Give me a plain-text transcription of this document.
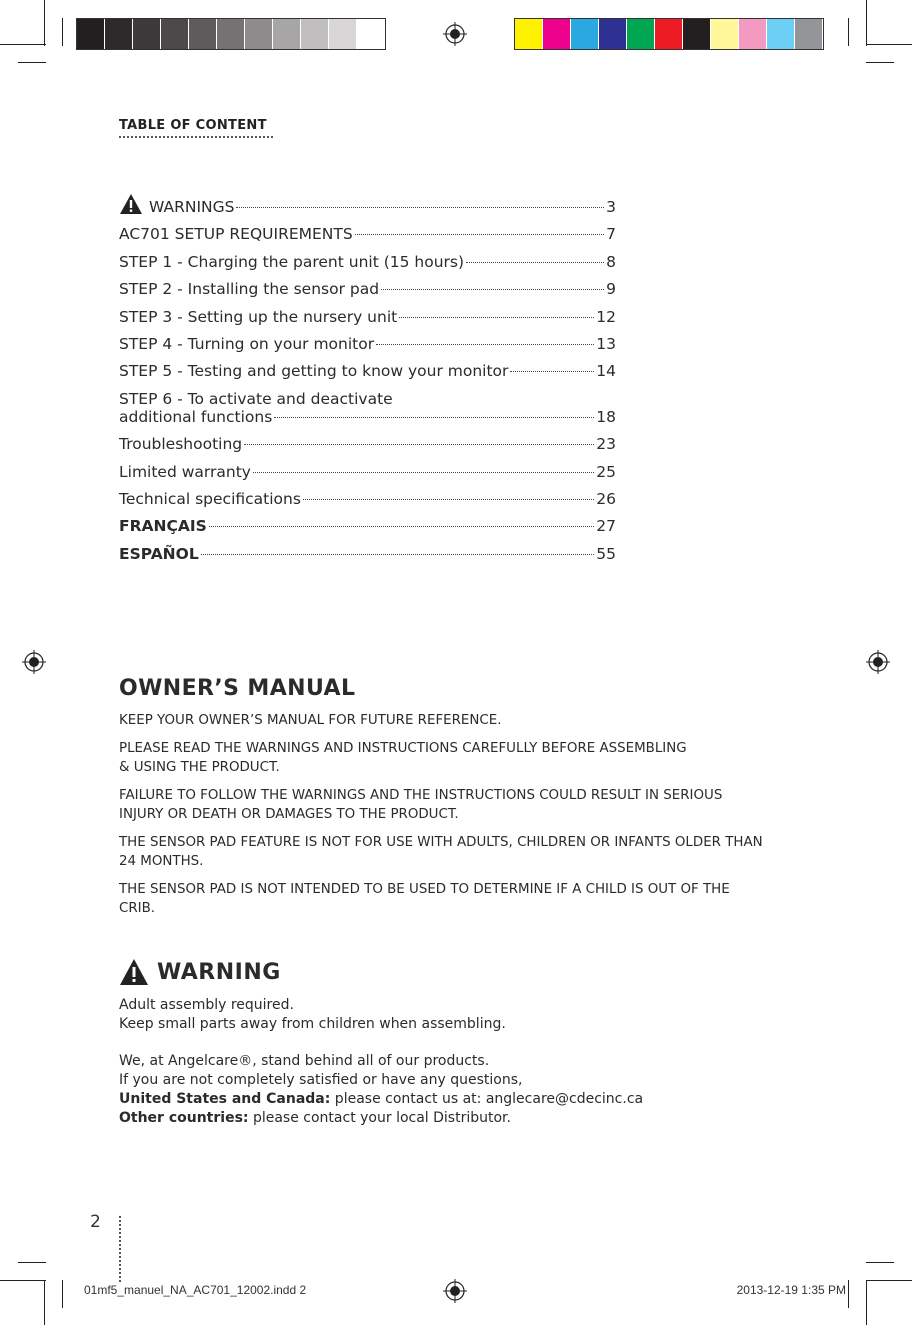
TABLE OF CONTENT
WARNINGS	3
AC701 SETUP REQUIREMENTS	7
STEP 1 - Charging the parent unit (15 hours)	8
STEP 2 - Installing the sensor pad	9
STEP 3 - Setting up the nursery unit	12
STEP 4 - Turning on your monitor	13
STEP 5 - Testing and getting to know your monitor	14
STEP 6 - To activate and deactivate
additional functions	18
Troubleshooting	23
Limited warranty	25
Technical specifications	26
FRANÇAIS	27
ESPAÑOL	55
OWNER’S MANUAL

KEEP YOUR OWNER’S MANUAL FOR FUTURE REFERENCE.

PLEASE READ THE WARNINGS AND INSTRUCTIONS CAREFULLY BEFORE ASSEMBLING & USING THE PRODUCT.

FAILURE TO FOLLOW THE WARNINGS AND THE INSTRUCTIONS COULD RESULT IN SERIOUS INJURY OR DEATH OR DAMAGES TO THE PRODUCT.

THE SENSOR PAD FEATURE IS NOT FOR USE WITH ADULTS, CHILDREN OR INFANTS OLDER THAN 24 MONTHS.

THE SENSOR PAD IS NOT INTENDED TO BE USED TO DETERMINE IF A CHILD IS OUT OF THE CRIB.

WARNING
Adult assembly required.
Keep small parts away from children when assembling.
We, at Angelcare®, stand behind all of our products.
If you are not completely satisfied or have any questions,
United States and Canada: please contact us at: anglecare@cdecinc.ca
Other countries: please contact your local Distributor.
2
01mf5_manuel_NA_AC701_12002.indd 2	2013-12-19 1:35 PM
